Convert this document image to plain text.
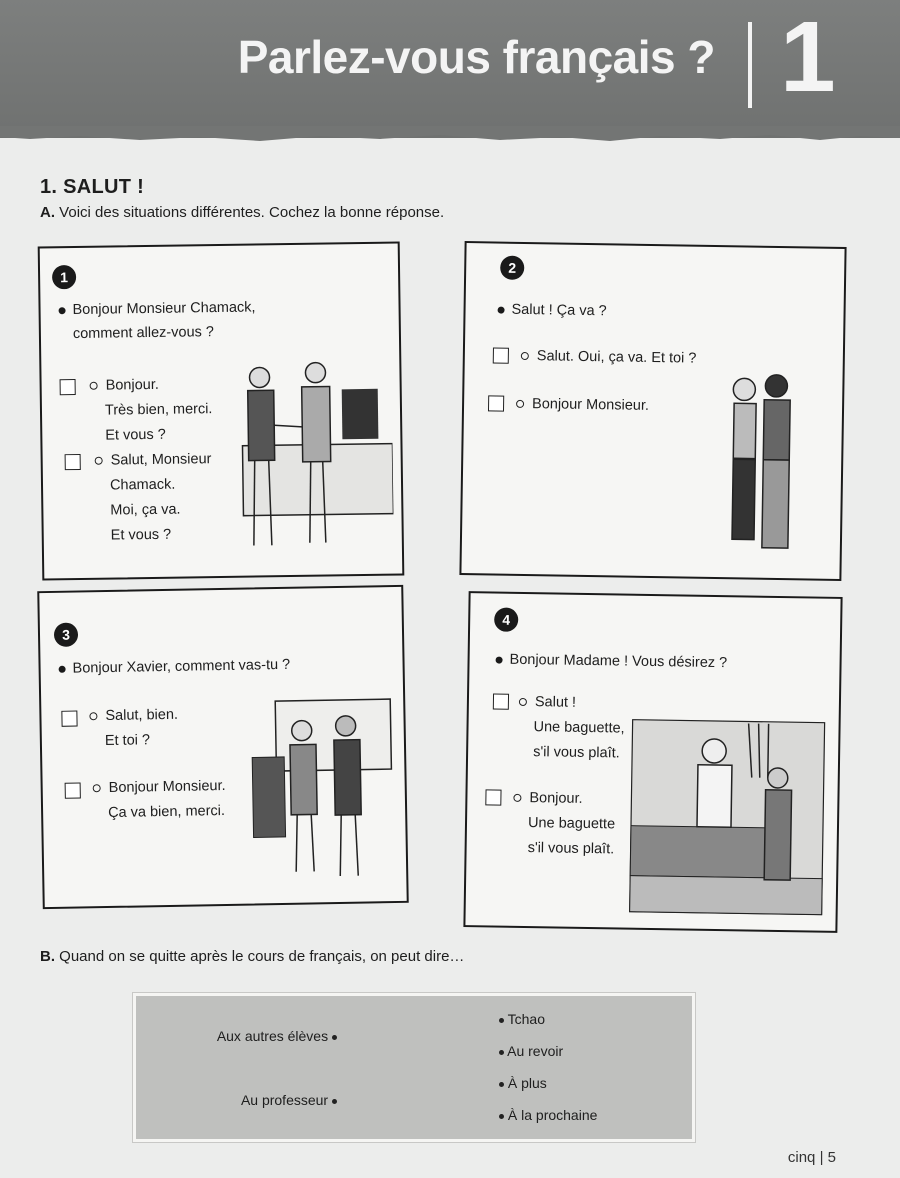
Parlez-vous français ? 1
1. SALUT !
A. Voici des situations différentes. Cochez la bonne réponse.
1
Bonjour Monsieur Chamack,
comment allez-vous ?
Bonjour.
Très bien, merci.
Et vous ?
Salut, Monsieur
Chamack.
Moi, ça va.
Et vous ?
2
Salut ! Ça va ?
Salut. Oui, ça va. Et toi ?
Bonjour Monsieur.
3
Bonjour Xavier, comment vas-tu ?
Salut, bien.
Et toi ?
Bonjour Monsieur.
Ça va bien, merci.
4
Bonjour Madame ! Vous désirez ?
Salut !
Une baguette,
s'il vous plaît.
Bonjour.
Une baguette
s'il vous plaît.
B. Quand on se quitte après le cours de français, on peut dire…
Aux autres élèves
Au professeur
Tchao
Au revoir
À plus
À la prochaine
cinq | 5
